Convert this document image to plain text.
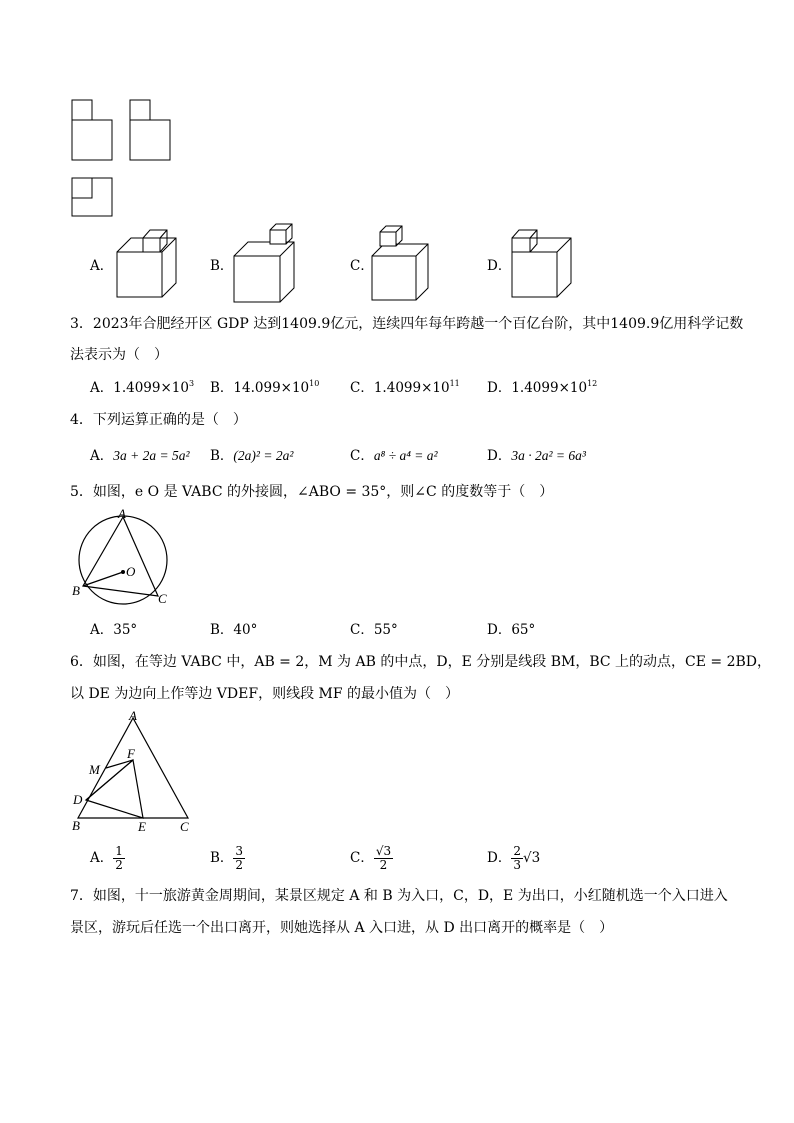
A．	B．	C．	D．
3．2023年合肥经开区 GDP 达到1409.9亿元，连续四年每年跨越一个百亿台阶，其中1409.9亿用科学记数
法表示为（　）
A．$1.4099\times 10^3$ B．$14.099\times 10^{10}$ C．$1.4099\times 10^{11}$ D．$1.4099\times 10^{12}$
4．下列运算正确的是（　）
A．3a + 2a = 5a² B．(2a)² = 2a²	C．a⁸ ÷ a⁴ = a²	D．3a · 2a² = 6a³
5．如图，e O 是 VABC 的外接圆，∠ABO = 35°，则∠C 的度数等于（　）
A
B
C
O
A．35°	B．40°	C．55°	D．65°
6．如图，在等边 VABC 中，AB = 2，M 为 AB 的中点，D，E 分别是线段 BM，BC 上的动点，CE = 2BD，
以 DE 为边向上作等边 VDEF，则线段 MF 的最小值为（　）
A
F
M
D
B	E	C
A． $\frac{1}{2}$	B． $\frac{3}{2}$	C． $\frac{√3}{2}$	D． $\frac{2}{3} √3$
7．如图，十一旅游黄金周期间，某景区规定 A 和 B 为入口，C，D，E 为出口，小红随机选一个入口进入
景区，游玩后任选一个出口离开，则她选择从 A 入口进，从 D 出口离开的概率是（　）
